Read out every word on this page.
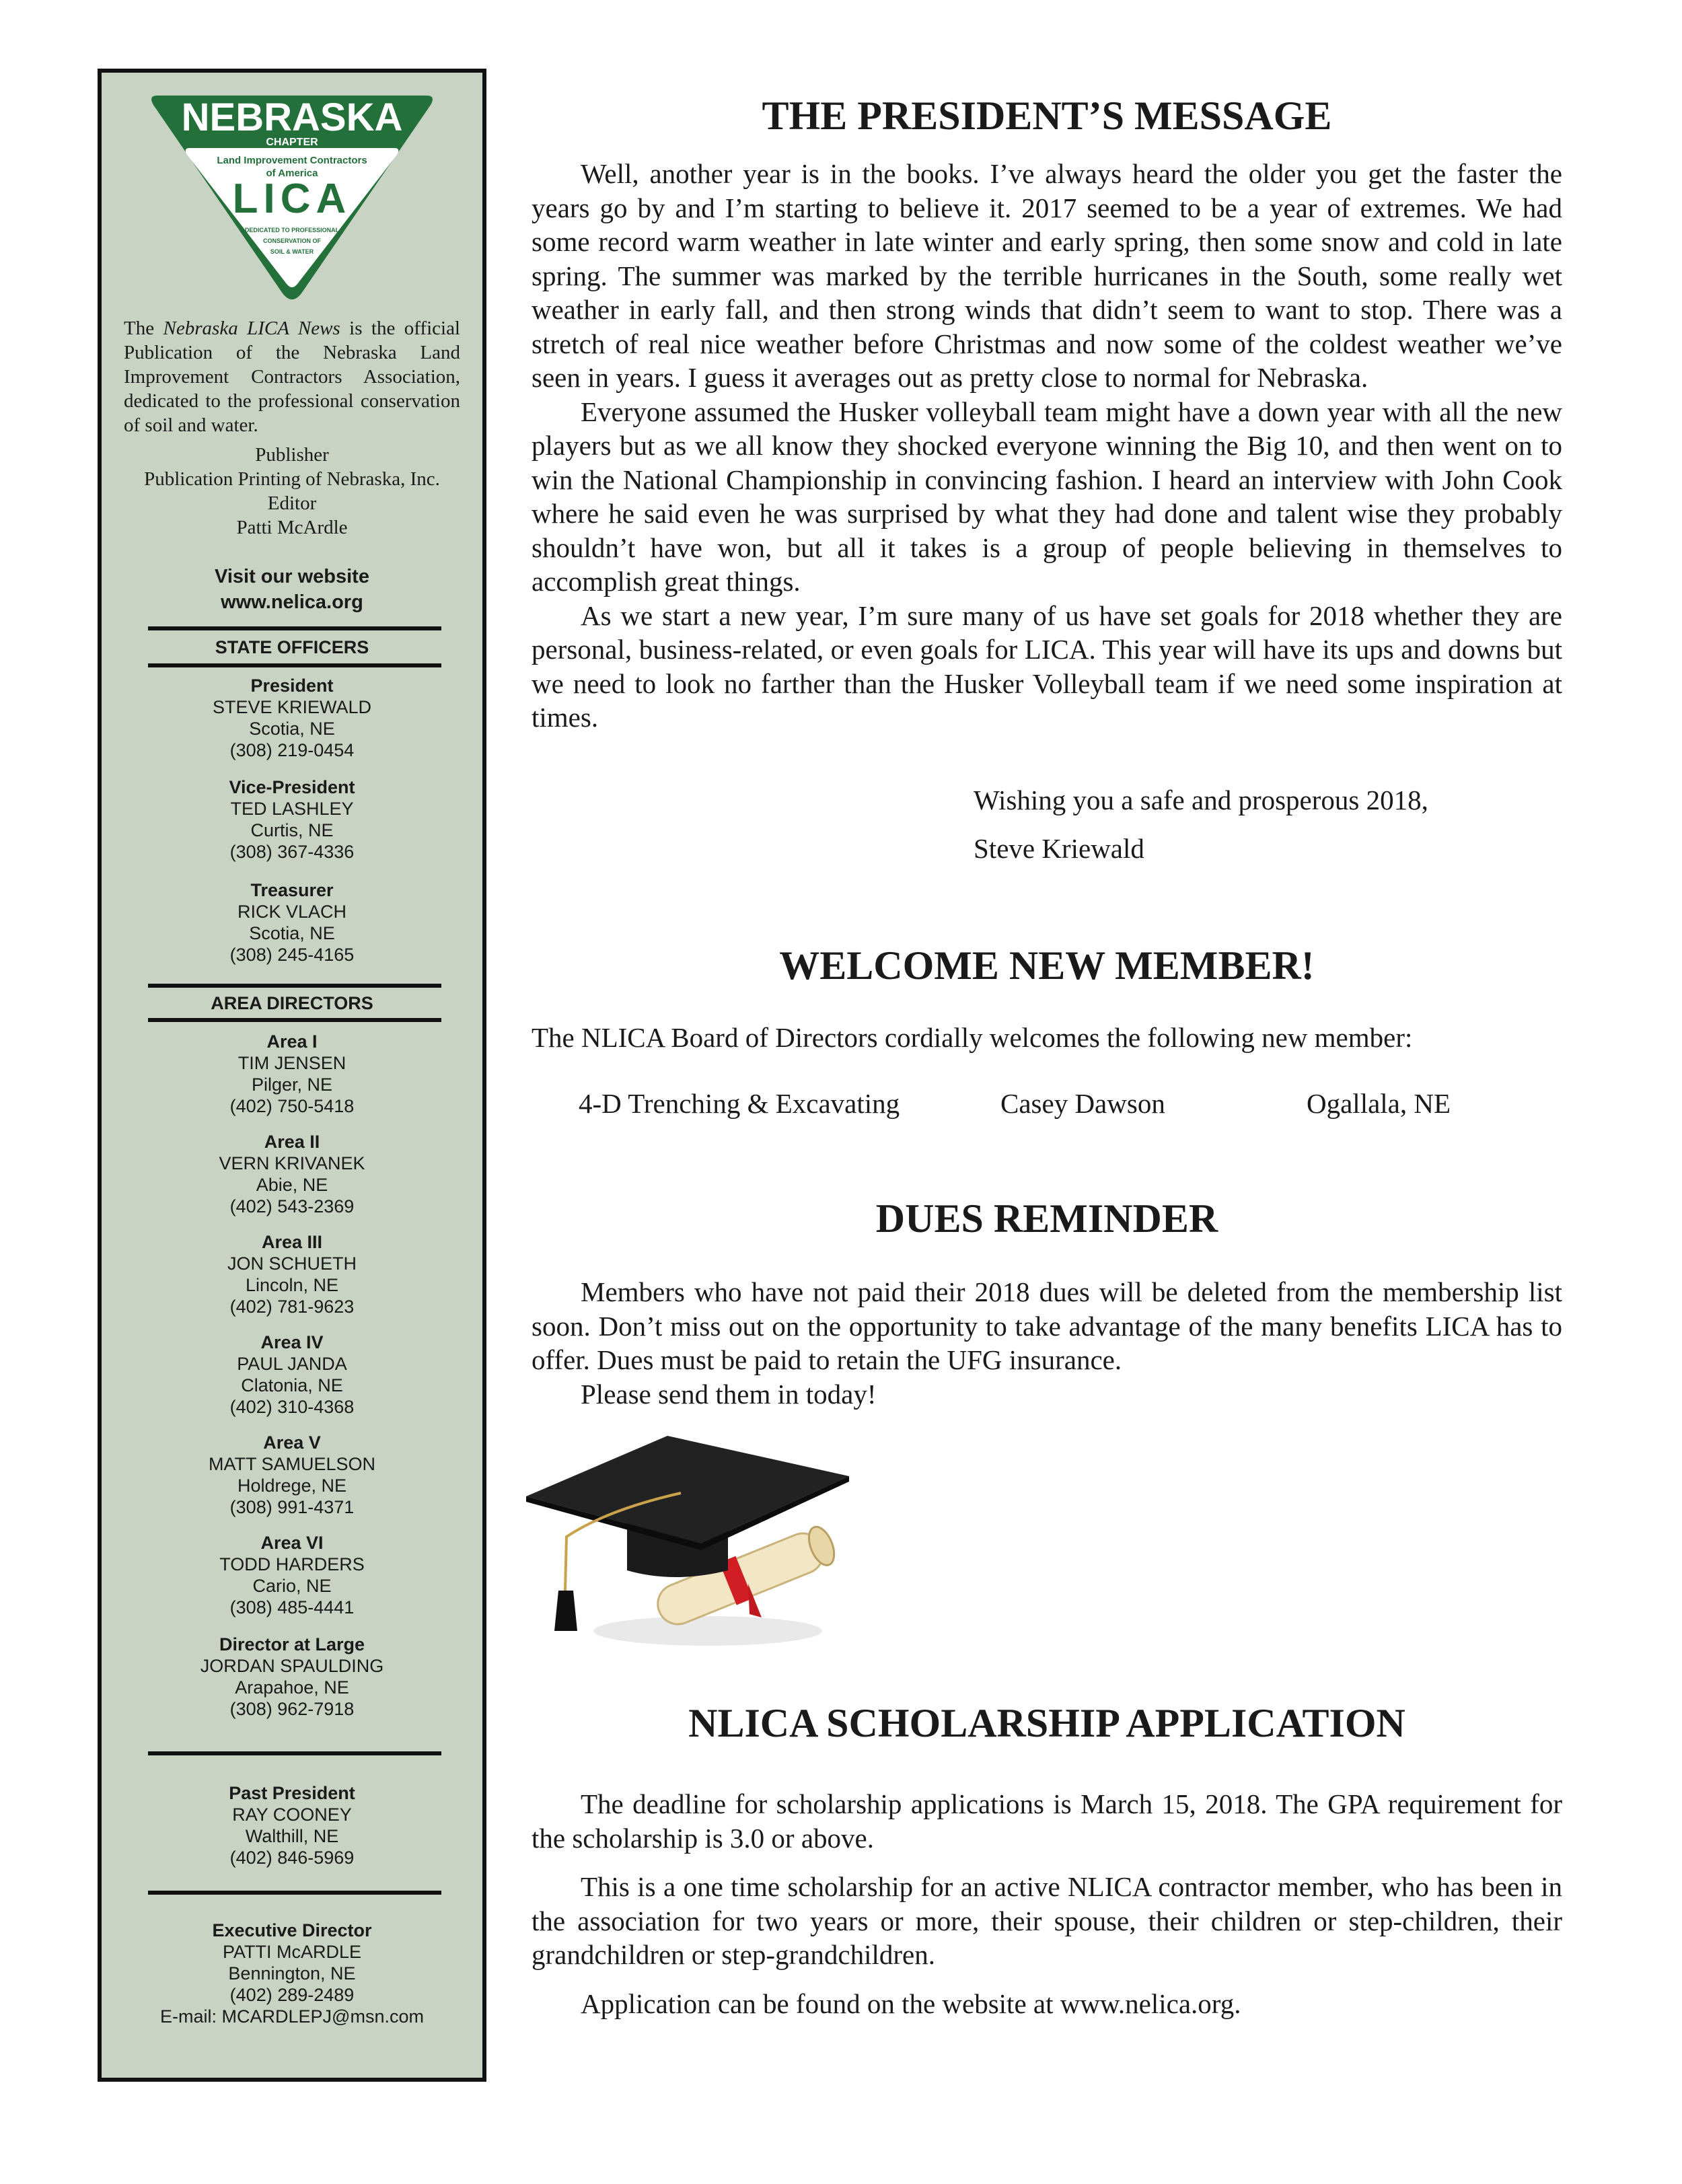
NEBRASKA
CHAPTER
Land Improvement Contractors
of America
LICA
DEDICATED TO PROFESSIONAL
CONSERVATION OF
SOIL & WATER
The Nebraska LICA News is the official Publication of the Nebraska Land Improvement Contractors Association, dedicated to the professional conservation of soil and water.
Publisher
Publication Printing of Nebraska, Inc.
Editor
Patti McArdle
Visit our website
www.nelica.org
STATE OFFICERS
AREA DIRECTORS
Past President
RAY COONEY
Walthill, NE
(402) 846-5969
Executive Director
PATTI McARDLE
Bennington, NE
(402) 289-2489
E-mail: MCARDLEPJ@msn.com
President
STEVE KRIEWALD
Scotia, NE
(308) 219-0454
Vice-President
TED LASHLEY
Curtis, NE
(308) 367-4336
Treasurer
RICK VLACH
Scotia, NE
(308) 245-4165
Area I
TIM JENSEN
Pilger, NE
(402) 750-5418
Area II
VERN KRIVANEK
Abie, NE
(402) 543-2369
Area III
JON SCHUETH
Lincoln, NE
(402) 781-9623
Area IV
PAUL JANDA
Clatonia, NE
(402) 310-4368
Area V
MATT SAMUELSON
Holdrege, NE
(308) 991-4371
Area VI
TODD HARDERS
Cario, NE
(308) 485-4441
Director at Large
JORDAN SPAULDING
Arapahoe, NE
(308) 962-7918
THE PRESIDENT’S MESSAGE

Well, another year is in the books. I’ve always heard the older you get the faster the years go by and I’m starting to believe it. 2017 seemed to be a year of extremes. We had some record warm weather in late winter and early spring, then some snow and cold in late spring. The summer was marked by the terrible hurricanes in the South, some really wet weather in early fall, and then strong winds that didn’t seem to want to stop. There was a stretch of real nice weather before Christmas and now some of the coldest weather we’ve seen in years. I guess it averages out as pretty close to normal for Nebraska.

Everyone assumed the Husker volleyball team might have a down year with all the new players but as we all know they shocked everyone winning the Big 10, and then went on to win the National Championship in convincing fashion. I heard an interview with John Cook where he said even he was surprised by what they had done and talent wise they probably shouldn’t have won, but all it takes is a group of people believing in themselves to accomplish great things.

As we start a new year, I’m sure many of us have set goals for 2018 whether they are personal, business-related, or even goals for LICA. This year will have its ups and downs but we need to look no farther than the Husker Volleyball team if we need some inspiration at times.

Wishing you a safe and prosperous 2018,
Steve Kriewald
WELCOME NEW MEMBER!
The NLICA Board of Directors cordially welcomes the following new member:
4-D Trenching & Excavating	Casey Dawson	Ogallala, NE
DUES REMINDER

Members who have not paid their 2018 dues will be deleted from the membership list soon. Don’t miss out on the opportunity to take advantage of the many benefits LICA has to offer. Dues must be paid to retain the UFG insurance.

Please send them in today!

NLICA SCHOLARSHIP APPLICATION

The deadline for scholarship applications is March 15, 2018. The GPA requirement for the scholarship is 3.0 or above.

This is a one time scholarship for an active NLICA contractor member, who has been in the association for two years or more, their spouse, their children or step-children, their grandchildren or step-grandchildren.

Application can be found on the website at www.nelica.org.
